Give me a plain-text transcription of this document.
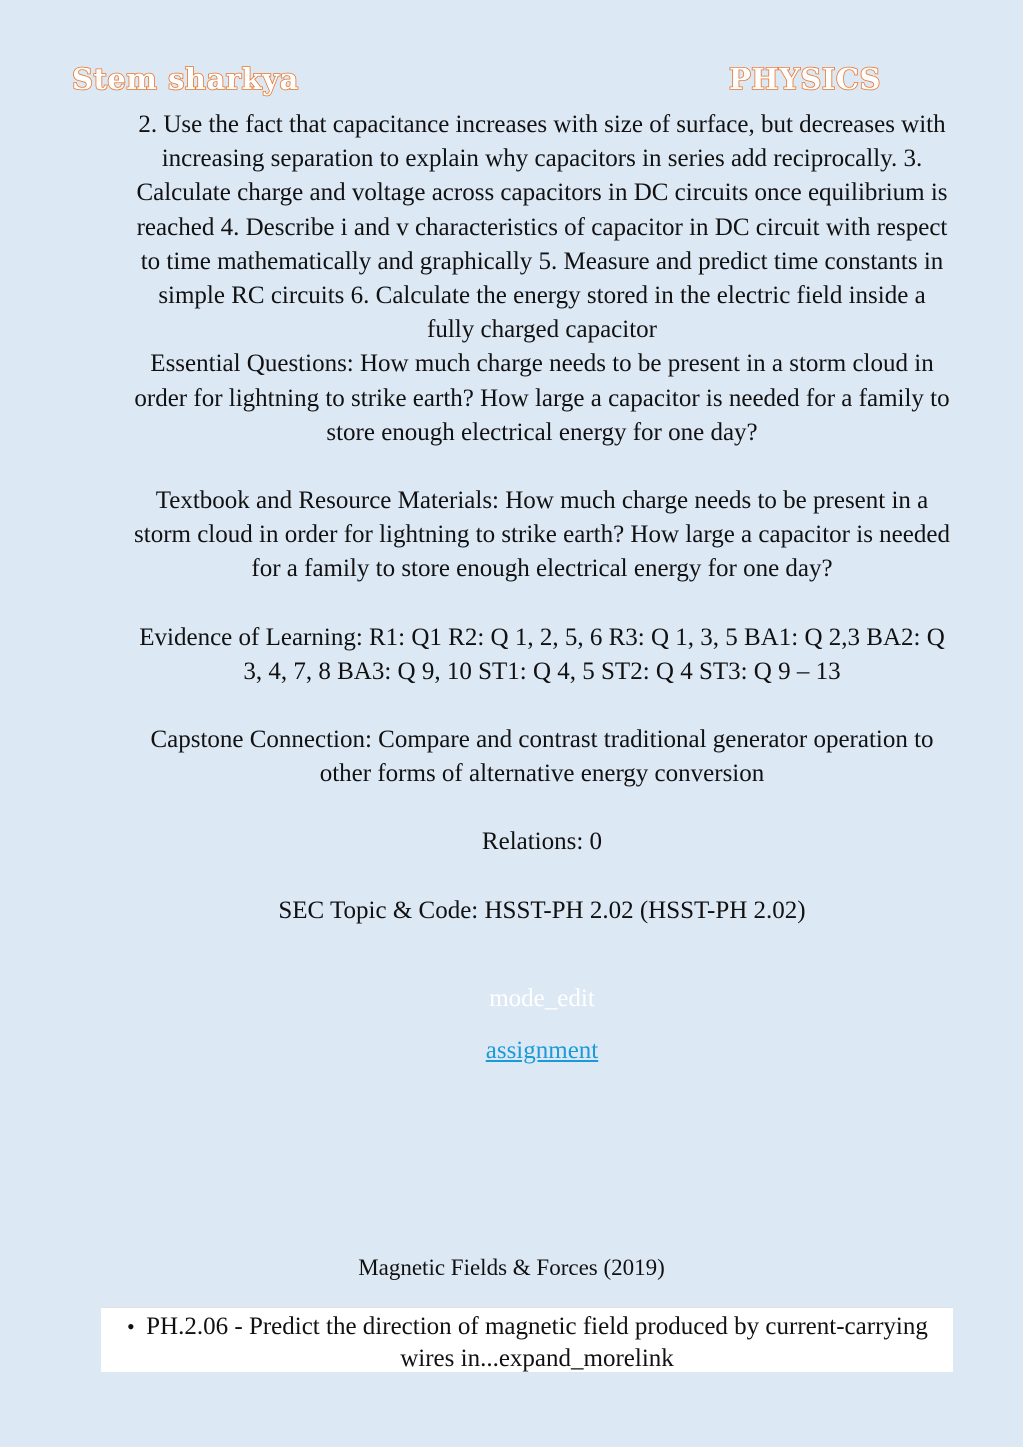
Stem sharkya	PHYSICS

2. Use the fact that capacitance increases with size of surface, but decreases with increasing separation to explain why capacitors in series add reciprocally. 3. Calculate charge and voltage across capacitors in DC circuits once equilibrium is reached 4. Describe i and v characteristics of capacitor in DC circuit with respect to time mathematically and graphically 5. Measure and predict time constants in simple RC circuits 6. Calculate the energy stored in the electric field inside a fully charged capacitor

Essential Questions: How much charge needs to be present in a storm cloud in order for lightning to strike earth? How large a capacitor is needed for a family to store enough electrical energy for one day?

Textbook and Resource Materials: How much charge needs to be present in a storm cloud in order for lightning to strike earth? How large a capacitor is needed for a family to store enough electrical energy for one day?

Evidence of Learning: R1: Q1 R2: Q 1, 2, 5, 6 R3: Q 1, 3, 5 BA1: Q 2,3 BA2: Q 3, 4, 7, 8 BA3: Q 9, 10 ST1: Q 4, 5 ST2: Q 4 ST3: Q 9 – 13

Capstone Connection: Compare and contrast traditional generator operation to other forms of alternative energy conversion

Relations: 0

SEC Topic & Code: HSST-PH 2.02 (HSST-PH 2.02)

mode_edit
assignment
Magnetic Fields & Forces (2019)
• PH.2.06 - Predict the direction of magnetic field produced by current-carrying wires in...expand_morelink
